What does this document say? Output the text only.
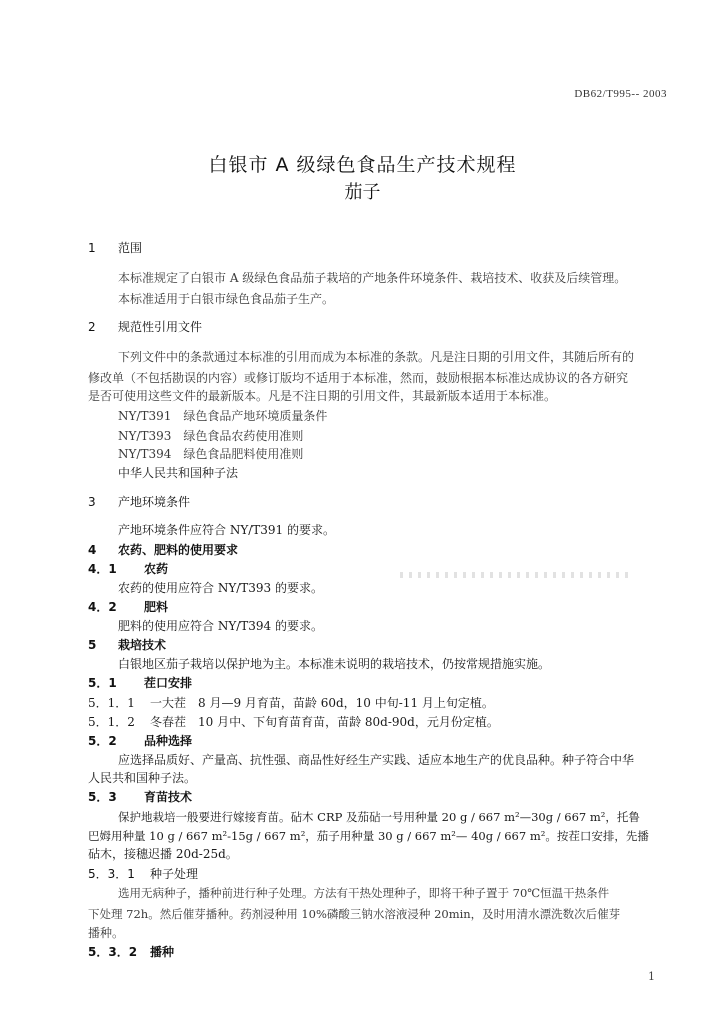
DB62/T995-- 2003
白银市 A 级绿色食品生产技术规程
茄子
1 范围
本标准规定了白银市 A 级绿色食品茄子栽培的产地条件环境条件、栽培技术、收获及后续管理。
本标准适用于白银市绿色食品茄子生产。
2 规范性引用文件
下列文件中的条款通过本标准的引用而成为本标准的条款。凡是注日期的引用文件，其随后所有的
修改单（不包括勘误的内容）或修订版均不适用于本标准，然而，鼓励根据本标准达成协议的各方研究
是否可使用这些文件的最新版本。凡是不注日期的引用文件，其最新版本适用于本标准。
NY/T391　绿色食品产地环境质量条件
NY/T393　绿色食品农药使用准则
NY/T394　绿色食品肥料使用准则
中华人民共和国种子法
3 产地环境条件
产地环境条件应符合 NY/T391 的要求。
4 农药、肥料的使用要求
4．1 农药
农药的使用应符合 NY/T393 的要求。
4．2 肥料
肥料的使用应符合 NY/T394 的要求。
5 栽培技术
白银地区茄子栽培以保护地为主。本标准未说明的栽培技术，仍按常规措施实施。
5．1 茬口安排
5．1．1 一大茬　8 月—9 月育苗，苗龄 60d，10 中旬-11 月上旬定植。
5．1．2 冬春茬　10 月中、下旬育苗育苗，苗龄 80d-90d，元月份定植。
5．2 品种选择
应选择品质好、产量高、抗性强、商品性好经生产实践、适应本地生产的优良品种。种子符合中华
人民共和国种子法。
5．3 育苗技术
保护地栽培一般要进行嫁接育苗。砧木 CRP 及茄砧一号用种量 20 g / 667 m²—30g / 667 m²，托鲁
巴姆用种量 10 g / 667 m²-15g / 667 m²，茄子用种量 30 g / 667 m²— 40g / 667 m²。按茬口安排，先播
砧木，接穗迟播 20d-25d。
5．3．1 种子处理
选用无病种子，播种前进行种子处理。方法有干热处理种子，即将干种子置于 70℃恒温干热条件
下处理 72h。然后催芽播种。药剂浸种用 10%磷酸三钠水溶液浸种 20min，及时用清水漂洗数次后催芽
播种。
5．3．2 播种
1
